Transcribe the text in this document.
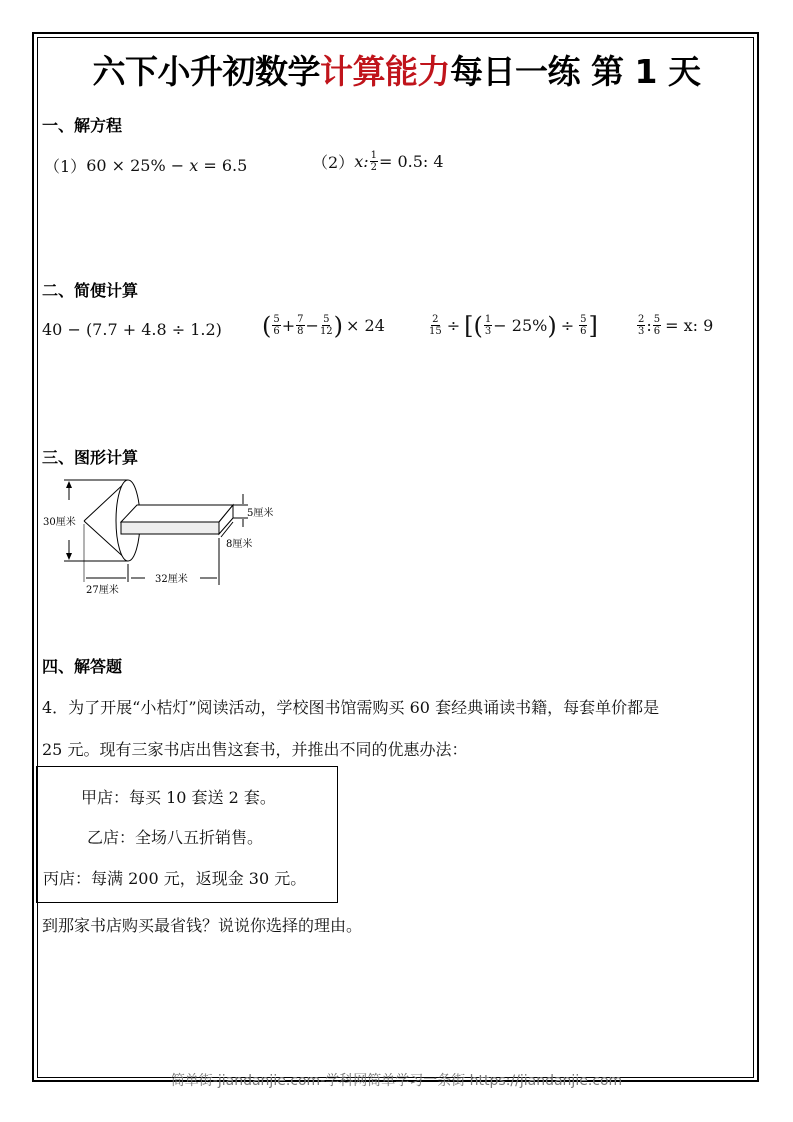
六下小升初数学计算能力每日一练 第 1 天
一、解方程
（1） 60 × 25% − x = 6.5	（2） x: $\frac{1}{2} = 0.5$: 4
二、简便计算
40 − (7.7 + 4.8 ÷ 1.2) ( $\frac{5}{6} + \frac{7}{8} - \frac{5}{12}$ ) × 24	$\frac{2}{15}$ ÷ [ ( $\frac{1}{3} - 25\%$ ) ÷ $\frac{5}{6}$ ]	$\frac{2}{3}$ : $\frac{5}{6} = x$: 9
三、图形计算
30厘米
5厘米
8厘米
27厘米
32厘米
四、解答题
4．为了开展“小桔灯”阅读活动，学校图书馆需购买 60 套经典诵读书籍，每套单价都是
25 元。现有三家书店出售这套书，并推出不同的优惠办法：
甲店：每买 10 套送 2 套。
乙店：全场八五折销售。
丙店：每满 200 元，返现金 30 元。
到那家书店购买最省钱？说说你选择的理由。
简单街-jiandanjie.com-学科网简单学习一条街 https://jiandanjie.com
